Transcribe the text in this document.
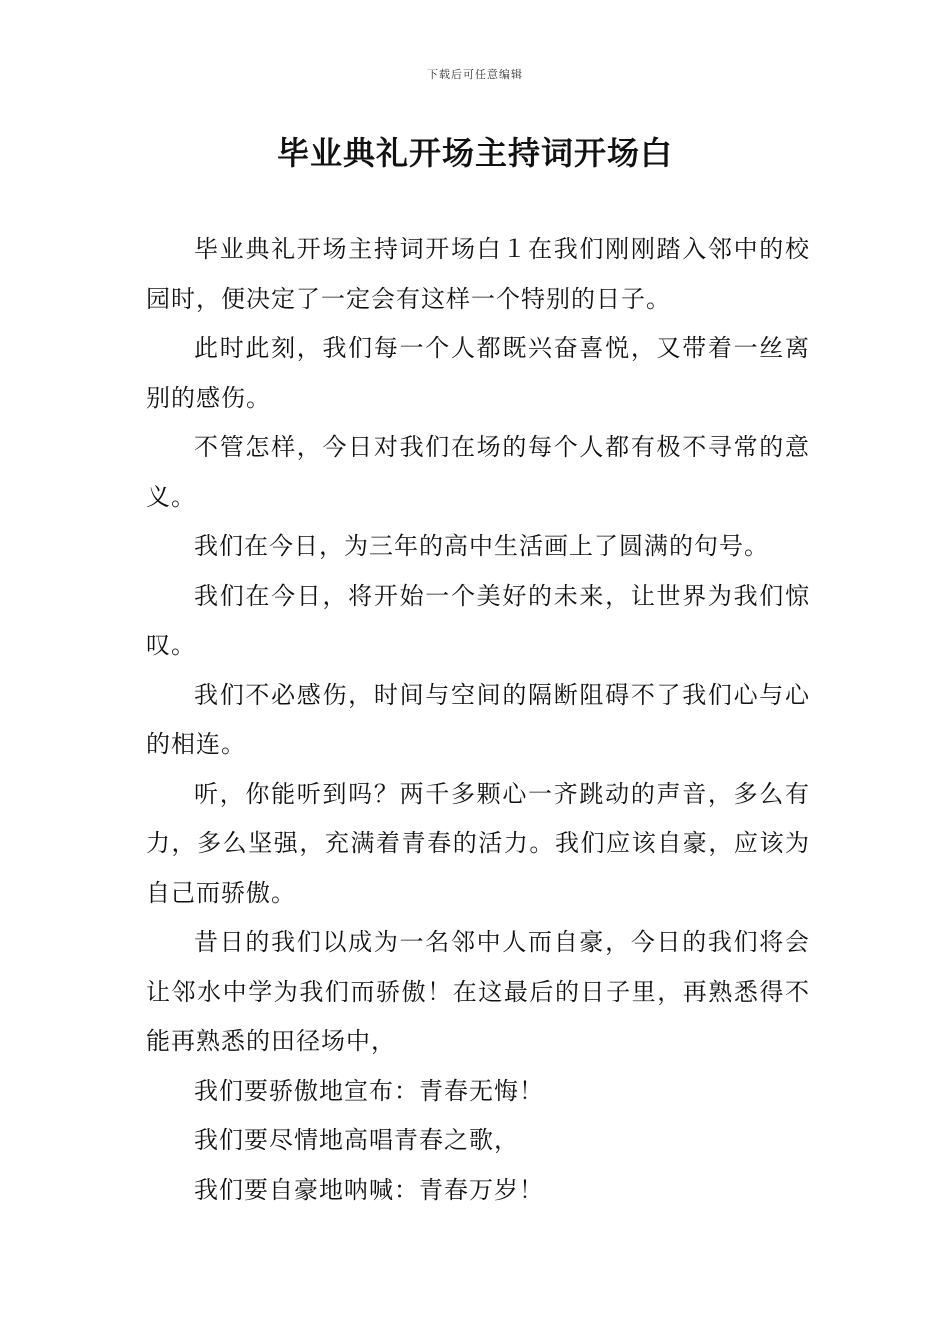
下载后可任意编辑
毕业典礼开场主持词开场白

毕业典礼开场主持词开场白１在我们刚刚踏入邻中的校园时，便决定了一定会有这样一个特别的日子。

此时此刻，我们每一个人都既兴奋喜悦，又带着一丝离别的感伤。

不管怎样，今日对我们在场的每个人都有极不寻常的意义。

我们在今日，为三年的高中生活画上了圆满的句号。

我们在今日，将开始一个美好的未来，让世界为我们惊叹。

我们不必感伤，时间与空间的隔断阻碍不了我们心与心的相连。

听，你能听到吗？两千多颗心一齐跳动的声音，多么有力，多么坚强，充满着青春的活力。我们应该自豪，应该为自己而骄傲。

昔日的我们以成为一名邻中人而自豪，今日的我们将会让邻水中学为我们而骄傲！在这最后的日子里，再熟悉得不能再熟悉的田径场中，

我们要骄傲地宣布：青春无悔！

我们要尽情地高唱青春之歌，

我们要自豪地呐喊：青春万岁！
